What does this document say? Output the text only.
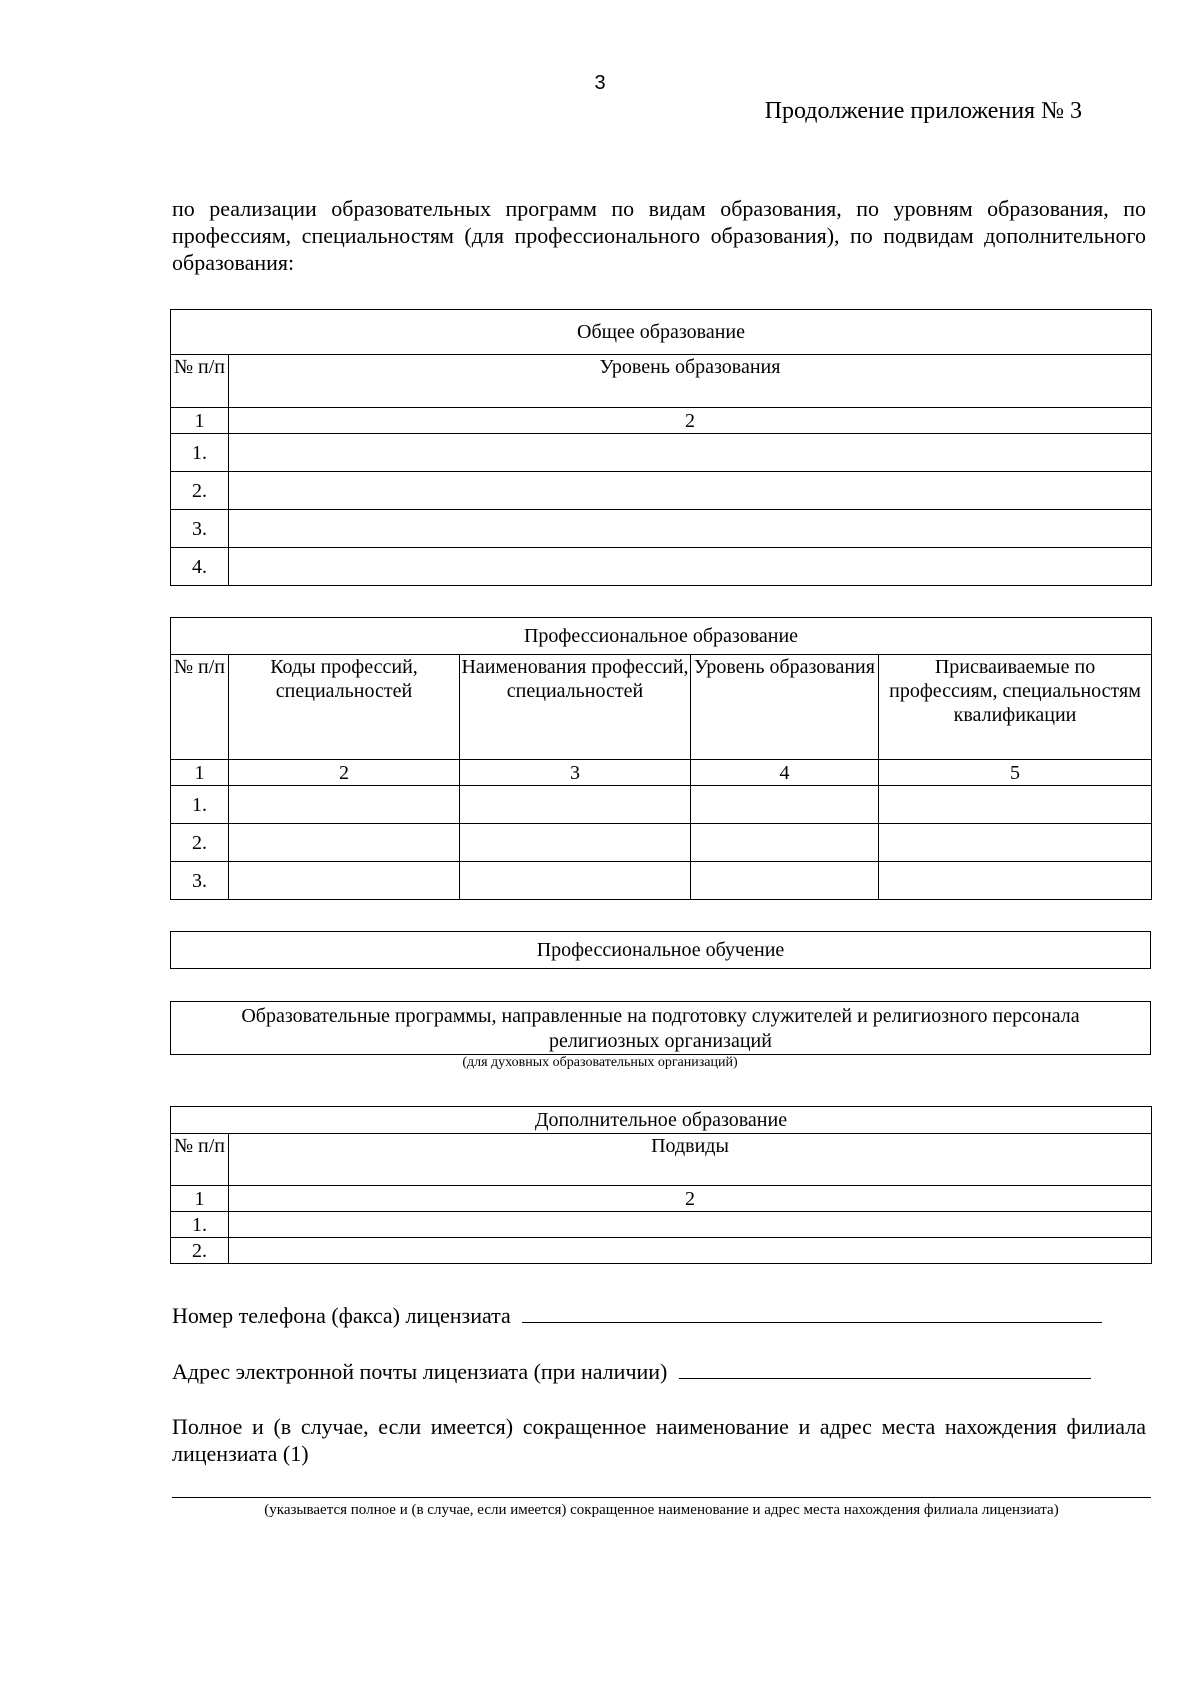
3
Продолжение приложения № 3
по реализации образовательных программ по видам образования, по уровням образования, по профессиям, специальностям (для профессионального образования), по подвидам дополнительного образования:
Общее образование	
№ п/п	Уровень образования
1	2
1.	
2.	
3.	
4.	
Профессиональное образование				
№ п/п	Коды профессий, специальностей	Наименования профессий, специальностей	Уровень образования	Присваиваемые по профессиям, специальностям квалификации
1	2	3	4	5
1.				
2.				
3.				
Профессиональное обучение
Образовательные программы, направленные на подготовку служителей и религиозного персонала религиозных организаций
(для духовных образовательных организаций)
Дополнительное образование	
№ п/п	Подвиды
1	2
1.	
2.	
Номер телефона (факса) лицензиата
Адрес электронной почты лицензиата (при наличии)
Полное и (в случае, если имеется) сокращенное наименование и адрес места нахождения филиала лицензиата (1)
(указывается полное и (в случае, если имеется) сокращенное наименование и адрес места нахождения филиала лицензиата)
